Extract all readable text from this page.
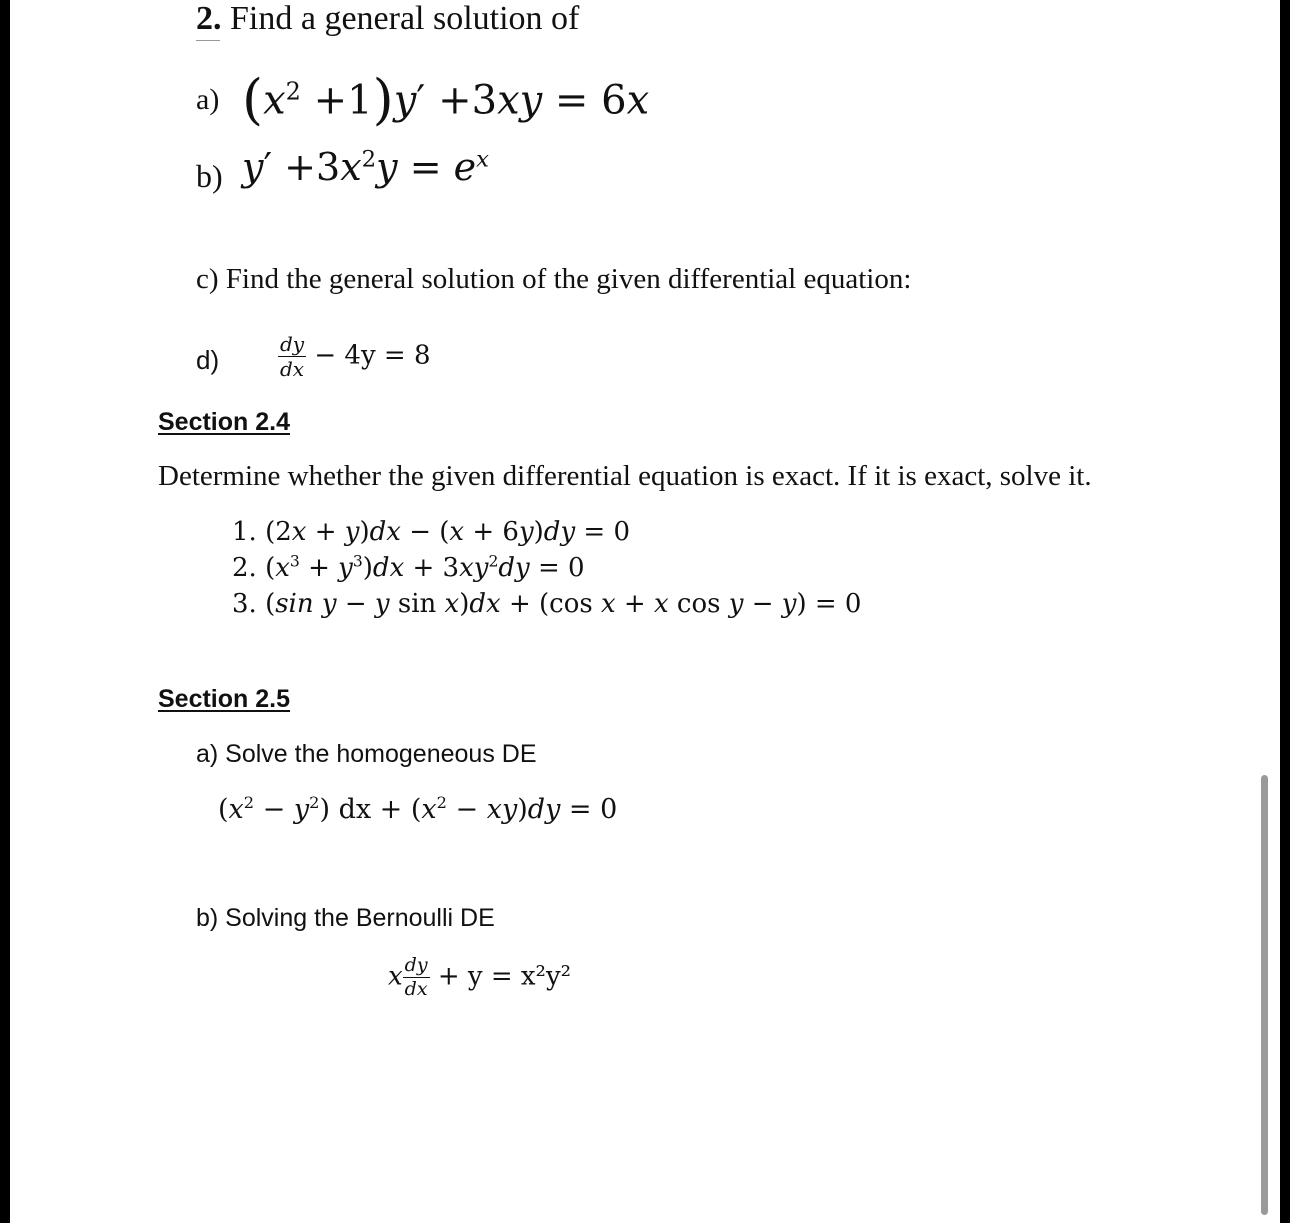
2. Find a general solution of
a) $(x^2 +1)y' +3xy = 6x$
b) $y' +3x^2y = e^x$
c) Find the general solution of the given differential equation:
d)	$\frac{dy}{dx} - 4y = 8$
Section 2.4
Determine whether the given differential equation is exact. If it is exact, solve it.
1. (2x + y)dx − (x + 6y)dy = 0
2. $(x^3 + y^3)dx + 3xy^2dy = 0$
3. (sin y − y sin x)dx + (cos x + x cos y − y) = 0
Section 2.5
a) Solve the homogeneous DE
$(x^2 - y^2)$ dx + $(x^2 - xy)dy = 0$
b) Solving the Bernoulli DE
x $\frac{dy}{dx} + y = x^2y^2$
